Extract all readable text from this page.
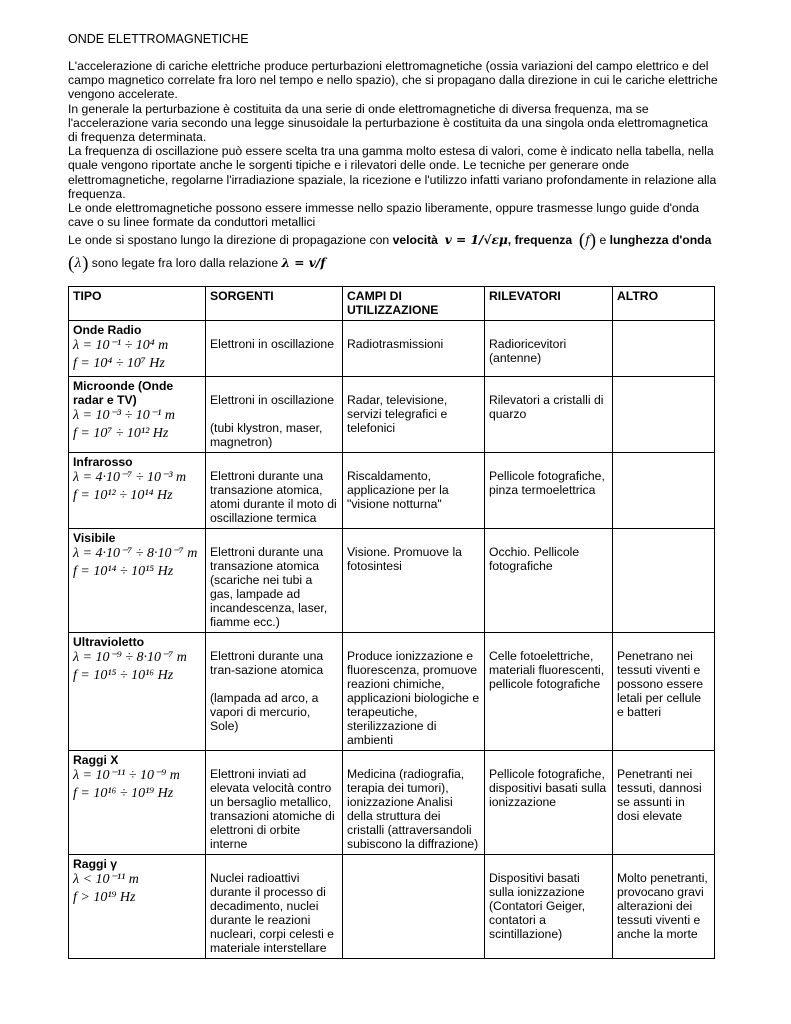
ONDE ELETTROMAGNETICHE

L'accelerazione di cariche elettriche produce perturbazioni elettromagnetiche (ossia variazioni del campo elettrico e del campo magnetico correlate fra loro nel tempo e nello spazio), che si propagano dalla direzione in cui le cariche elettriche vengono accelerate.

In generale la perturbazione è costituita da una serie di onde elettromagnetiche di diversa frequenza, ma se l'accelerazione varia secondo una legge sinusoidale la perturbazione è costituita da una singola onda elettromagnetica di frequenza determinata.

La frequenza di oscillazione può essere scelta tra una gamma molto estesa di valori, come è indicato nella tabella, nella quale vengono riportate anche le sorgenti tipiche e i rilevatori delle onde. Le tecniche per generare onde elettromagnetiche, regolarne l'irradiazione spaziale, la ricezione e l'utilizzo infatti variano profondamente in relazione alla frequenza.

Le onde elettromagnetiche possono essere immesse nello spazio liberamente, oppure trasmesse lungo guide d'onda cave o su linee formate da conduttori metallici

Le onde si spostano lungo la direzione di propagazione con velocità v = 1/√εμ, frequenza (f) e lunghezza d'onda
(λ) sono legate fra loro dalla relazione λ = v/f
TIPO	SORGENTI	CAMPI DI UTILIZZAZIONE	RILEVATORI	ALTRO

Onde Radio
λ = 10⁻¹ ÷ 10⁴ m
f = 10⁴ ÷ 10⁷ Hz	Elettroni in oscillazione	Radiotrasmissioni	Radioricevitori (antenne)	

Microonde (Onde radar e TV)
λ = 10⁻³ ÷ 10⁻¹ m
f = 10⁷ ÷ 10¹² Hz	Elettroni in oscillazione
(tubi klystron, maser, magnetron)	Radar, televisione, servizi telegrafici e telefonici	Rilevatori a cristalli di quarzo	

Infrarosso
λ = 4·10⁻⁷ ÷ 10⁻³ m
f = 10¹² ÷ 10¹⁴ Hz	Elettroni durante una transazione atomica, atomi durante il moto di oscillazione termica	Riscaldamento, applicazione per la "visione notturna"	Pellicole fotografiche, pinza termoelettrica	

Visibile
λ = 4·10⁻⁷ ÷ 8·10⁻⁷ m
f = 10¹⁴ ÷ 10¹⁵ Hz	Elettroni durante una transazione atomica (scariche nei tubi a gas, lampade ad incandescenza, laser, fiamme ecc.)	Visione. Promuove la fotosintesi	Occhio. Pellicole fotografiche	

Ultravioletto
λ = 10⁻⁹ ÷ 8·10⁻⁷ m
f = 10¹⁵ ÷ 10¹⁶ Hz	Elettroni durante una tran-sazione atomica
(lampada ad arco, a vapori di mercurio, Sole)	Produce ionizzazione e fluorescenza, promuove reazioni chimiche, applicazioni biologiche e terapeutiche, sterilizzazione di ambienti	Celle fotoelettriche, materiali fluorescenti, pellicole fotografiche	Penetrano nei tessuti viventi e possono essere letali per cellule e batteri

Raggi X
λ = 10⁻¹¹ ÷ 10⁻⁹ m
f = 10¹⁶ ÷ 10¹⁹ Hz	Elettroni inviati ad elevata velocità contro un bersaglio metallico, transazioni atomiche di elettroni di orbite interne	Medicina (radiografia, terapia dei tumori), ionizzazione Analisi della struttura dei cristalli (attraversandoli subiscono la diffrazione)	Pellicole fotografiche, dispositivi basati sulla ionizzazione	Penetranti nei tessuti, dannosi se assunti in dosi elevate

Raggi γ
λ < 10⁻¹¹ m
f > 10¹⁹ Hz	Nuclei radioattivi durante il processo di decadimento, nuclei durante le reazioni nucleari, corpi celesti e materiale interstellare		Dispositivi basati sulla ionizzazione (Contatori Geiger, contatori a scintillazione)	Molto penetranti, provocano gravi alterazioni dei tessuti viventi e anche la morte
